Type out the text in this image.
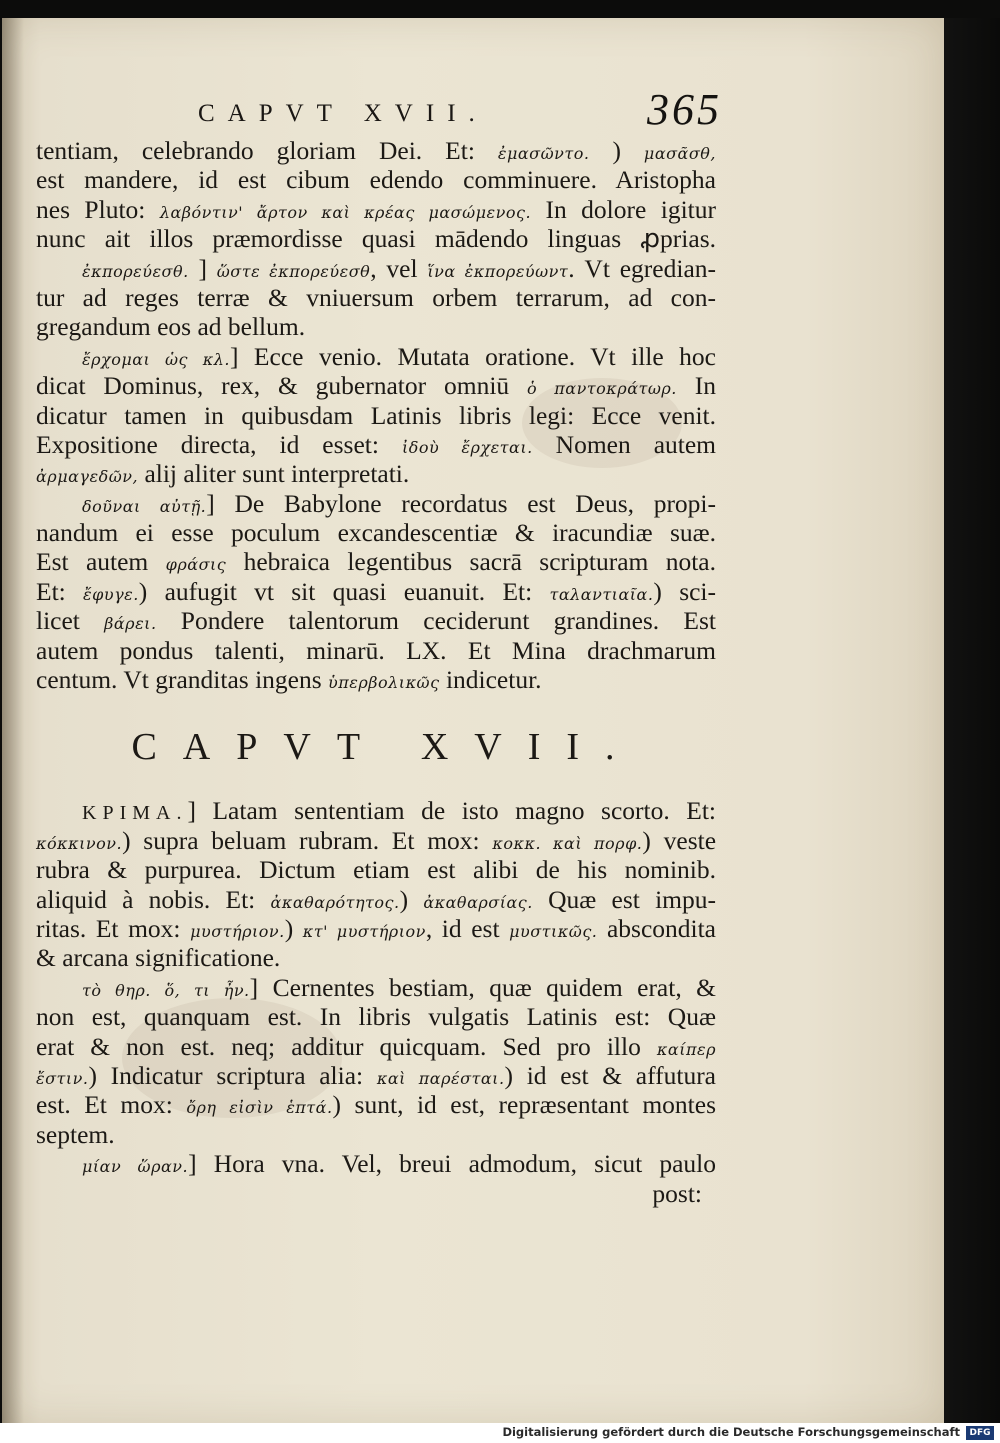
CAPVT XVII.	365
tentiam, celebrando gloriam Dei. Et: ἐμασῶντο. ) μασᾶσθ,
est mandere, id est cibum edendo comminuere. Aristopha
nes Pluto: λαβόντιν' ἄρτον καὶ κρέας μασώμενος. In dolore igitur
nunc ait illos præmordisse quasi mādendo linguas ꝓprias.
ἐκπορεύεσθ. ] ὥστε ἐκπορεύεσθ, vel ἵνα ἐκπορεύωντ. Vt egredian-
tur ad reges terræ & vniuersum orbem terrarum, ad con-
gregandum eos ad bellum.
ἔρχομαι ὡς κλ.] Ecce venio. Mutata oratione. Vt ille hoc
dicat Dominus, rex, & gubernator omniū ὁ παντοκράτωρ. In
dicatur tamen in quibusdam Latinis libris legi: Ecce venit.
Expositione directa, id esset: ἰδοὺ ἔρχεται. Nomen autem
ἀρμαγεδῶν, alij aliter sunt interpretati.
δοῦναι αὐτῇ.] De Babylone recordatus est Deus, propi-
nandum ei esse poculum excandescentiæ & iracundiæ suæ.
Est autem φράσις hebraica legentibus sacrā scripturam nota.
Et: ἔφυγε.) aufugit vt sit quasi euanuit. Et: ταλαντιαῖα.) sci-
licet βάρει. Pondere talentorum ceciderunt grandines. Est
autem pondus talenti, minarū. LX. Et Mina drachmarum
centum. Vt granditas ingens ὑπερβολικῶς indicetur.
CAPVT XVII.
KPIMA.] Latam sententiam de isto magno scorto. Et:
κόκκινον.) supra beluam rubram. Et mox: κοκκ. καὶ πορφ.) veste
rubra & purpurea. Dictum etiam est alibi de his nominib.
aliquid à nobis. Et: ἀκαθαρότητος.) ἀκαθαρσίας. Quæ est impu-
ritas. Et mox: μυστήριον.) κτ' μυστήριον, id est μυστικῶς. abscondita
& arcana significatione.
τὸ θηρ. ὅ, τι ἦν.] Cernentes bestiam, quæ quidem erat, &
non est, quanquam est. In libris vulgatis Latinis est: Quæ
erat & non est. neq; additur quicquam. Sed pro illo καίπερ
ἔστιν.) Indicatur scriptura alia: καὶ παρέσται.) id est & affutura
est. Et mox: ὄρη εἰσὶν ἑπτά.) sunt, id est, repræsentant montes
septem.
μίαν ὥραν.] Hora vna. Vel, breui admodum, sicut paulo
post:
Digitalisierung gefördert durch die Deutsche Forschungsgemeinschaft	DFG
